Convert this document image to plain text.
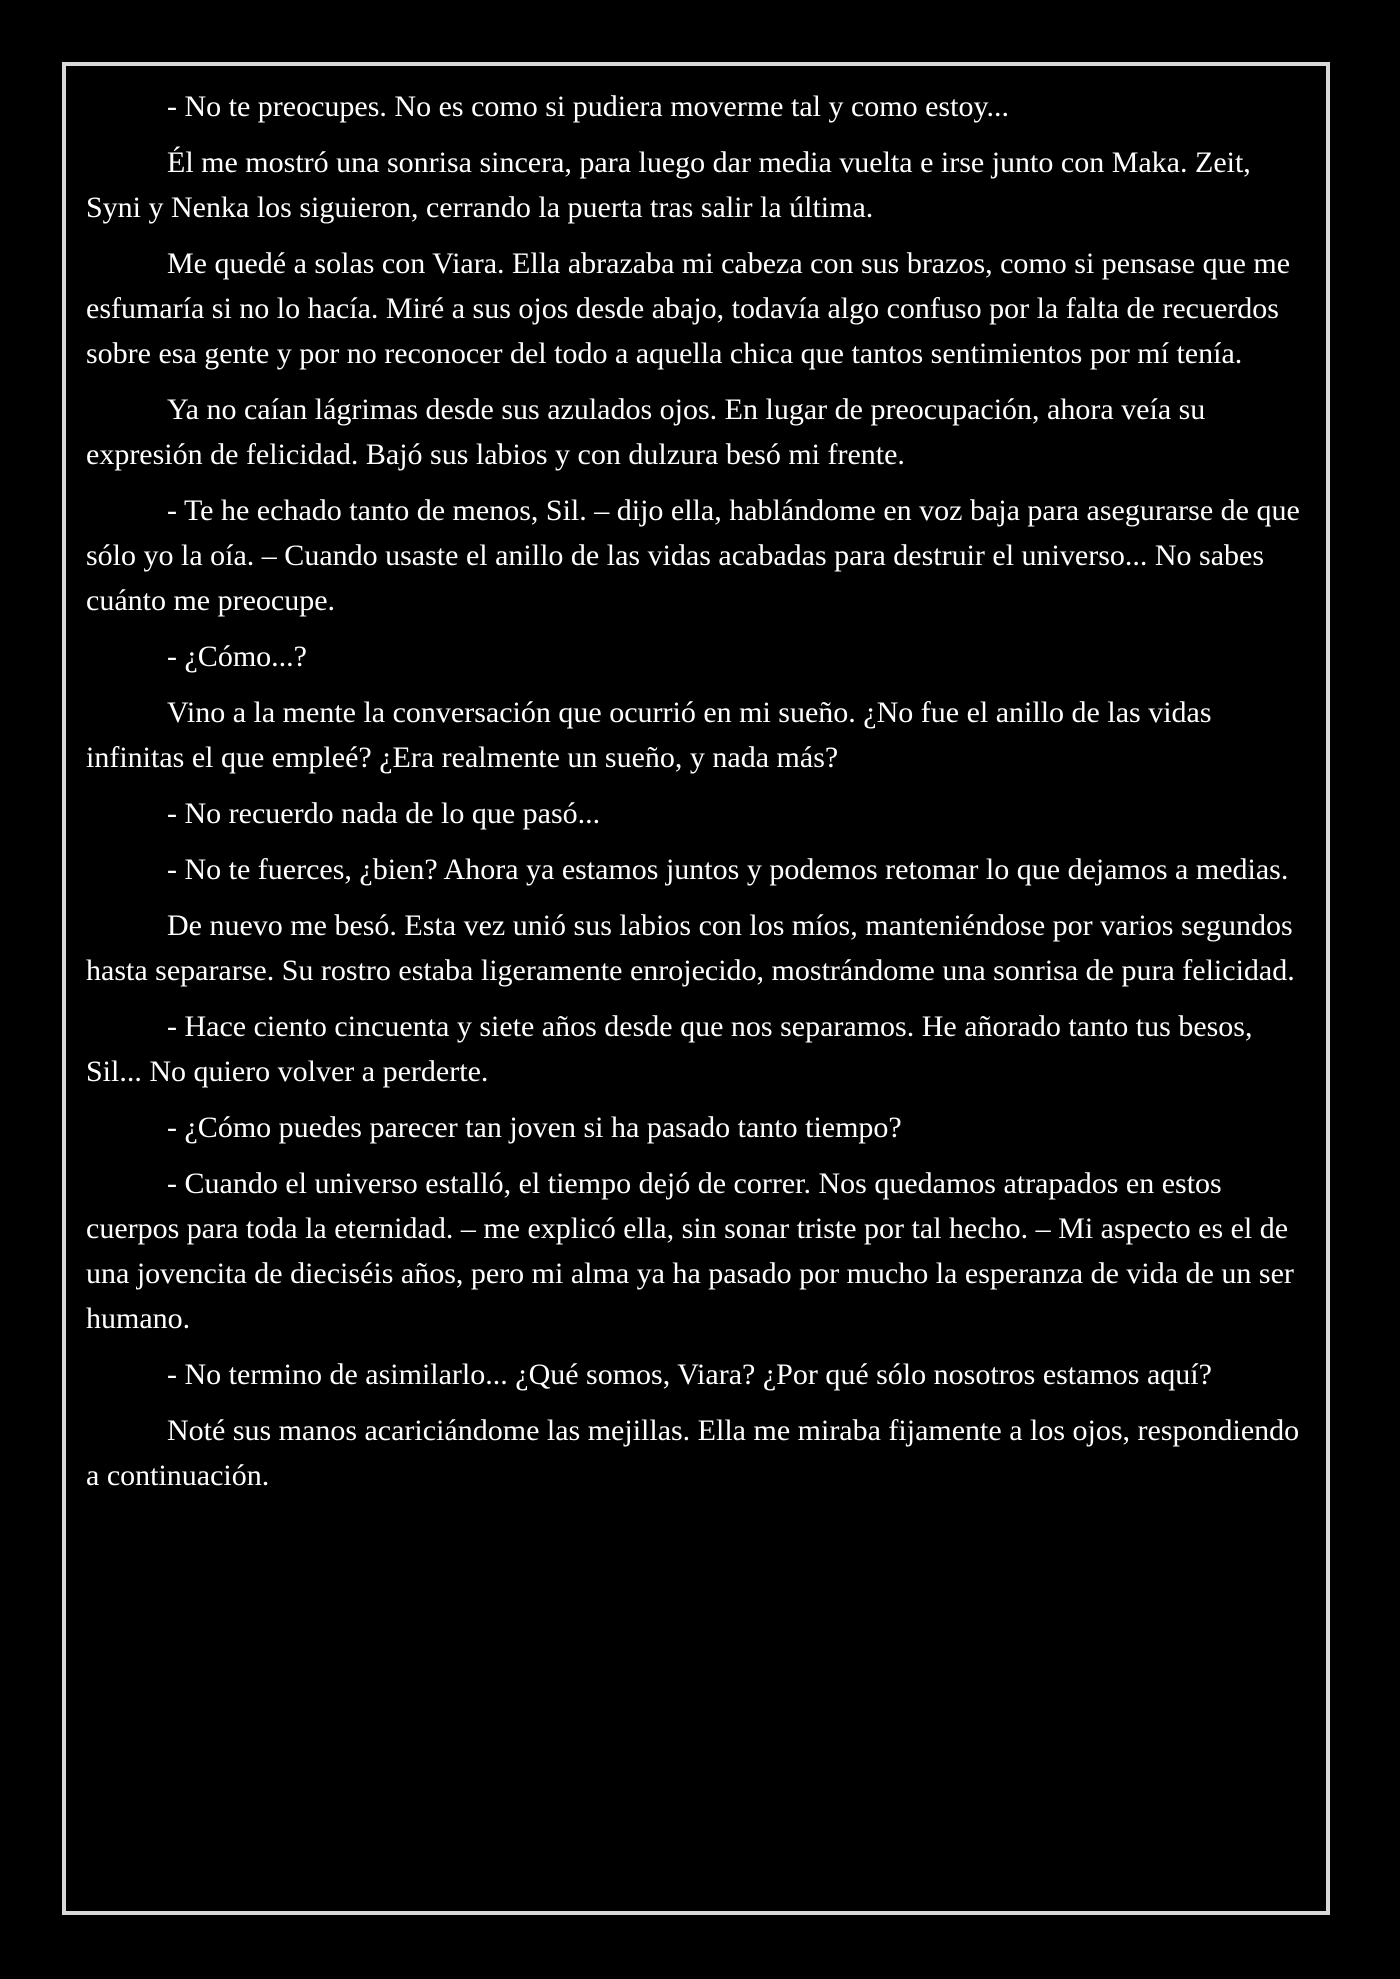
- No te preocupes. No es como si pudiera moverme tal y como estoy...

Él me mostró una sonrisa sincera, para luego dar media vuelta e irse junto con Maka. Zeit, Syni y Nenka los siguieron, cerrando la puerta tras salir la última.

Me quedé a solas con Viara. Ella abrazaba mi cabeza con sus brazos, como si pensase que me esfumaría si no lo hacía. Miré a sus ojos desde abajo, todavía algo confuso por la falta de recuerdos sobre esa gente y por no reconocer del todo a aquella chica que tantos sentimientos por mí tenía.

Ya no caían lágrimas desde sus azulados ojos. En lugar de preocupación, ahora veía su expresión de felicidad. Bajó sus labios y con dulzura besó mi frente.

- Te he echado tanto de menos, Sil. – dijo ella, hablándome en voz baja para asegurarse de que sólo yo la oía. – Cuando usaste el anillo de las vidas acabadas para destruir el universo... No sabes cuánto me preocupe.

- ¿Cómo...?

Vino a la mente la conversación que ocurrió en mi sueño. ¿No fue el anillo de las vidas infinitas el que empleé? ¿Era realmente un sueño, y nada más?

- No recuerdo nada de lo que pasó...

- No te fuerces, ¿bien? Ahora ya estamos juntos y podemos retomar lo que dejamos a medias.

De nuevo me besó. Esta vez unió sus labios con los míos, manteniéndose por varios segundos hasta separarse. Su rostro estaba ligeramente enrojecido, mostrándome una sonrisa de pura felicidad.

- Hace ciento cincuenta y siete años desde que nos separamos. He añorado tanto tus besos, Sil... No quiero volver a perderte.

- ¿Cómo puedes parecer tan joven si ha pasado tanto tiempo?

- Cuando el universo estalló, el tiempo dejó de correr. Nos quedamos atrapados en estos cuerpos para toda la eternidad. – me explicó ella, sin sonar triste por tal hecho. – Mi aspecto es el de una jovencita de dieciséis años, pero mi alma ya ha pasado por mucho la esperanza de vida de un ser humano.

- No termino de asimilarlo... ¿Qué somos, Viara? ¿Por qué sólo nosotros estamos aquí?

Noté sus manos acariciándome las mejillas. Ella me miraba fijamente a los ojos, respondiendo a continuación.
